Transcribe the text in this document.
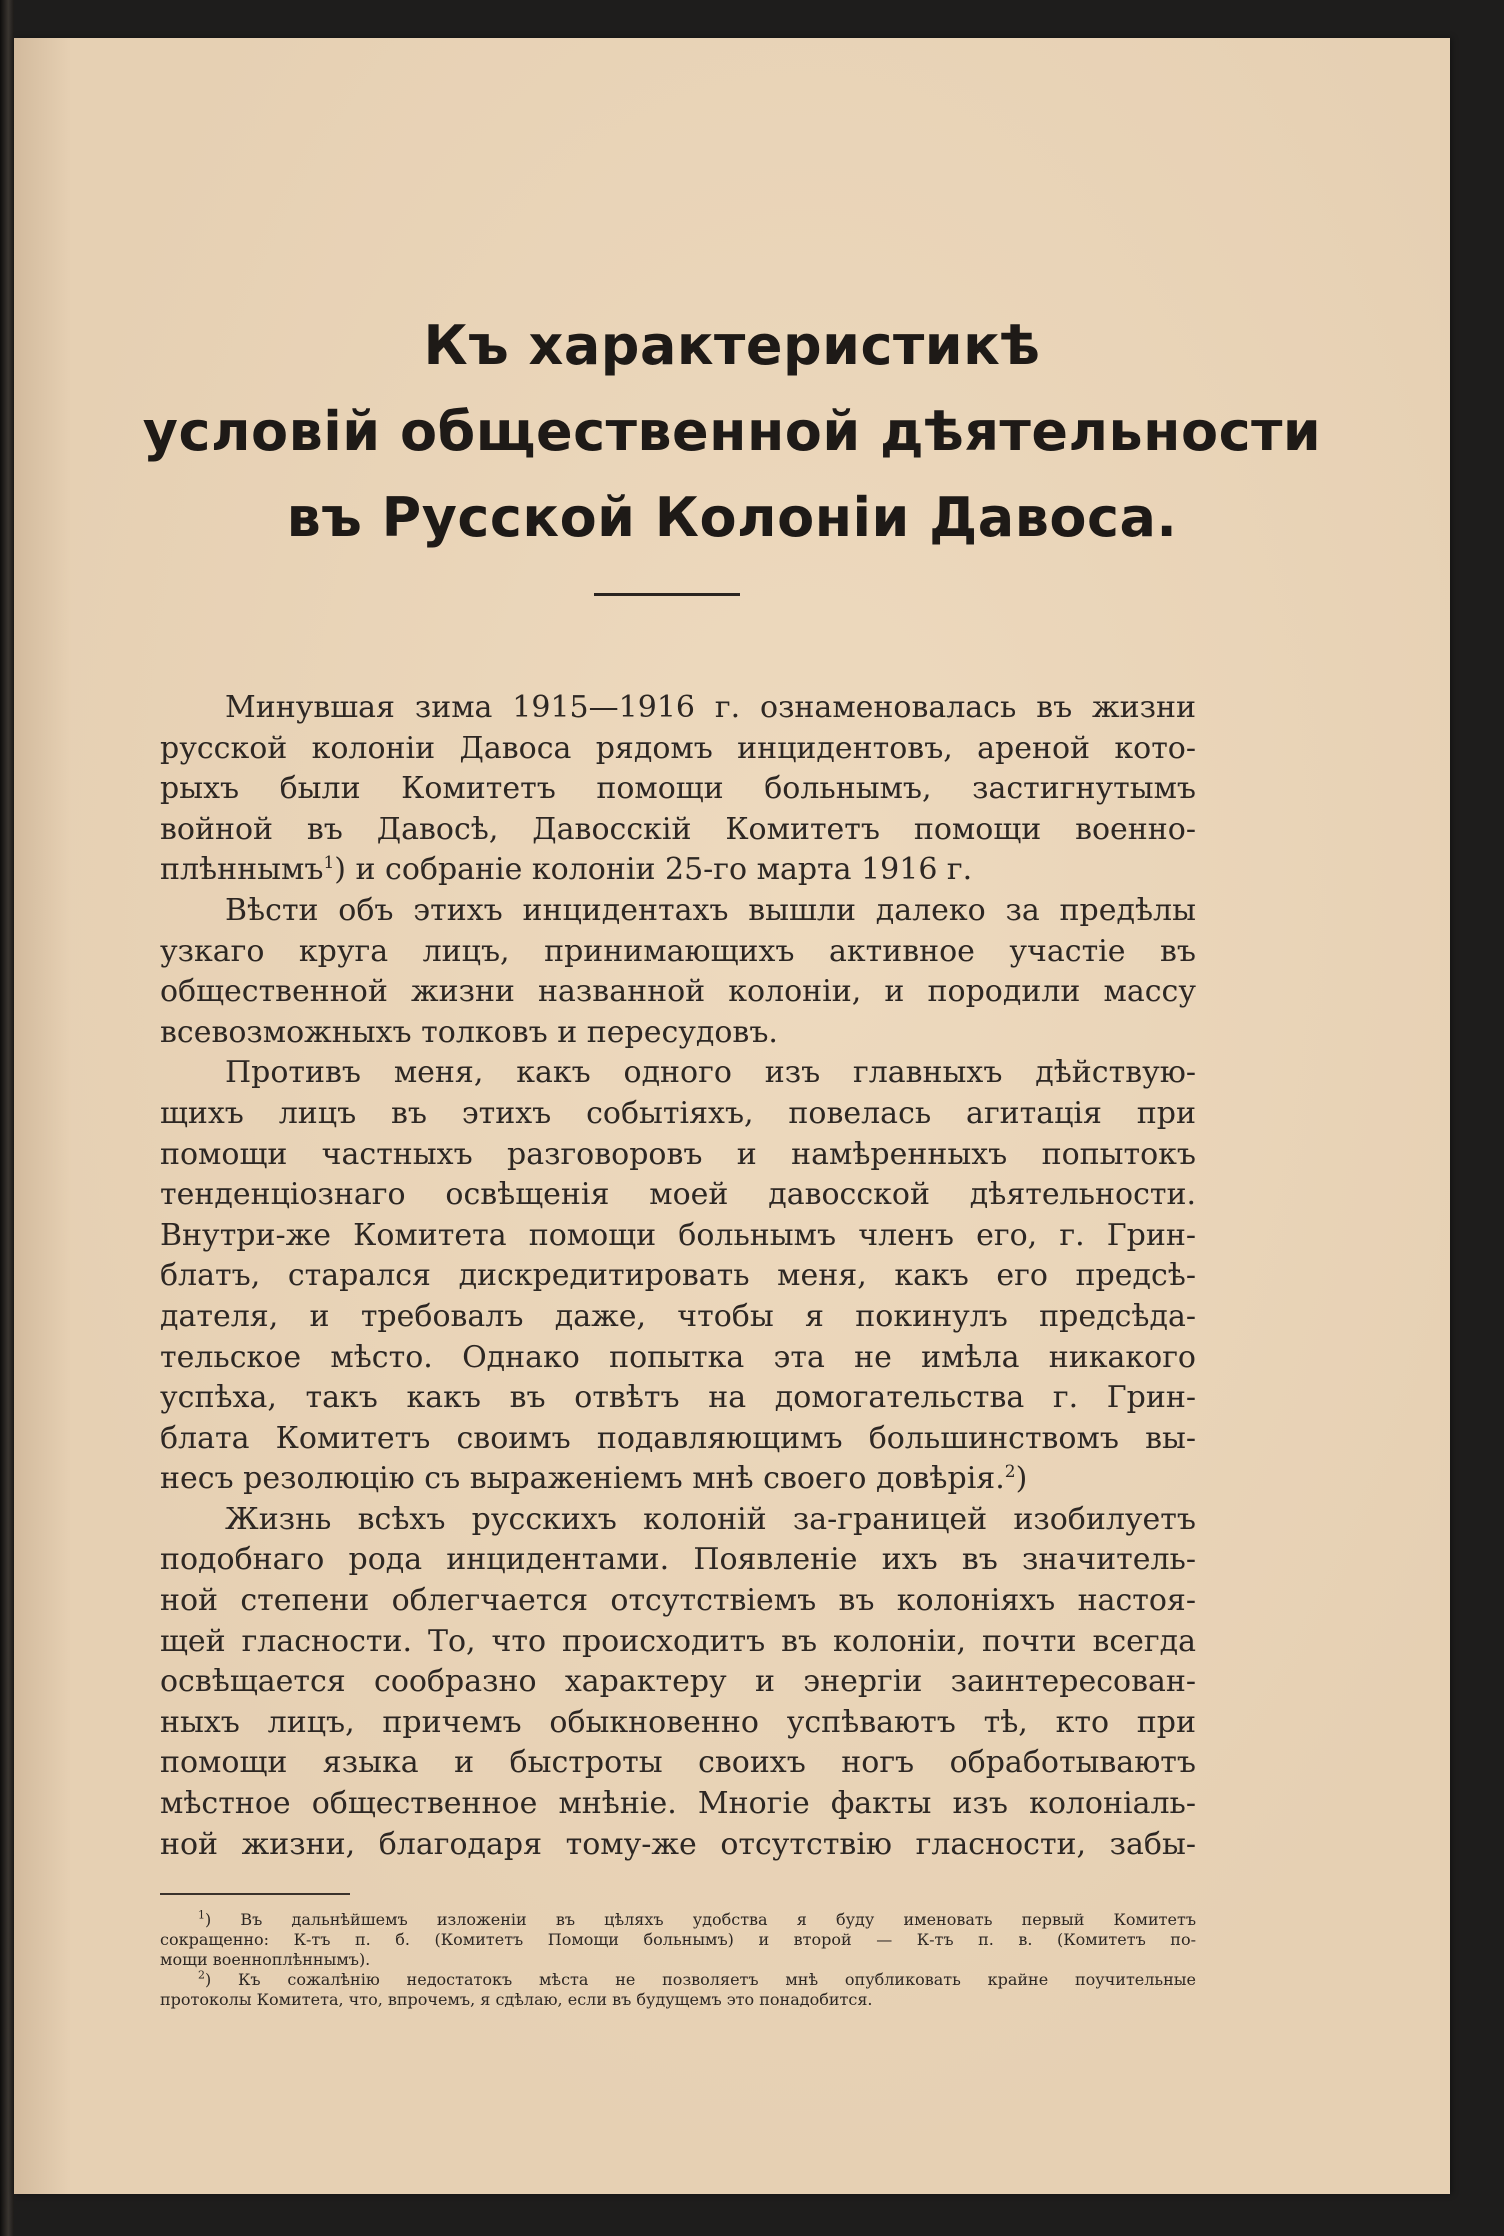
Къ характеристикѣ
условій общественной дѣятельности
въ Русской Колоніи Давоса.

Минувшая зима 1915—1916 г. ознаменовалась въ жизни
русской колоніи Давоса рядомъ инцидентовъ, ареной кото-
рыхъ были Комитетъ помощи больнымъ, застигнутымъ
войной въ Давосѣ, Давосскій Комитетъ помощи военно-
плѣннымъ$^1$) и собраніе колоніи 25-го марта 1916 г.

Вѣсти объ этихъ инцидентахъ вышли далеко за предѣлы
узкаго круга лицъ, принимающихъ активное участіе въ
общественной жизни названной колоніи, и породили массу
всевозможныхъ толковъ и пересудовъ.

Противъ меня, какъ одного изъ главныхъ дѣйствую-
щихъ лицъ въ этихъ событіяхъ, повелась агитація при
помощи частныхъ разговоровъ и намѣренныхъ попытокъ
тенденціознаго освѣщенія моей давосской дѣятельности.
Внутри-же Комитета помощи больнымъ членъ его, г. Грин-
блатъ, старался дискредитировать меня, какъ его предсѣ-
дателя, и требовалъ даже, чтобы я покинулъ предсѣда-
тельское мѣсто. Однако попытка эта не имѣла никакого
успѣха, такъ какъ въ отвѣтъ на домогательства г. Грин-
блата Комитетъ своимъ подавляющимъ большинствомъ вы-
несъ резолюцію съ выраженіемъ мнѣ своего довѣрія.$^2$)

Жизнь всѣхъ русскихъ колоній за-границей изобилуетъ
подобнаго рода инцидентами. Появленіе ихъ въ значитель-
ной степени облегчается отсутствіемъ въ колоніяхъ настоя-
щей гласности. То, что происходитъ въ колоніи, почти всегда
освѣщается сообразно характеру и энергіи заинтересован-
ныхъ лицъ, причемъ обыкновенно успѣваютъ тѣ, кто при
помощи языка и быстроты своихъ ногъ обработываютъ
мѣстное общественное мнѣніе. Многіе факты изъ колоніаль-
ной жизни, благодаря тому-же отсутствію гласности, забы-

$^1$) Въ дальнѣйшемъ изложеніи въ цѣляхъ удобства я буду именовать первый Комитетъ
сокращенно: К-тъ п. б. (Комитетъ Помощи больнымъ) и второй — К-тъ п. в. (Комитетъ по-
мощи военноплѣннымъ).
$^2$) Къ сожалѣнію недостатокъ мѣста не позволяетъ мнѣ опубликовать крайне поучительные
протоколы Комитета, что, впрочемъ, я сдѣлаю, если въ будущемъ это понадобится.
